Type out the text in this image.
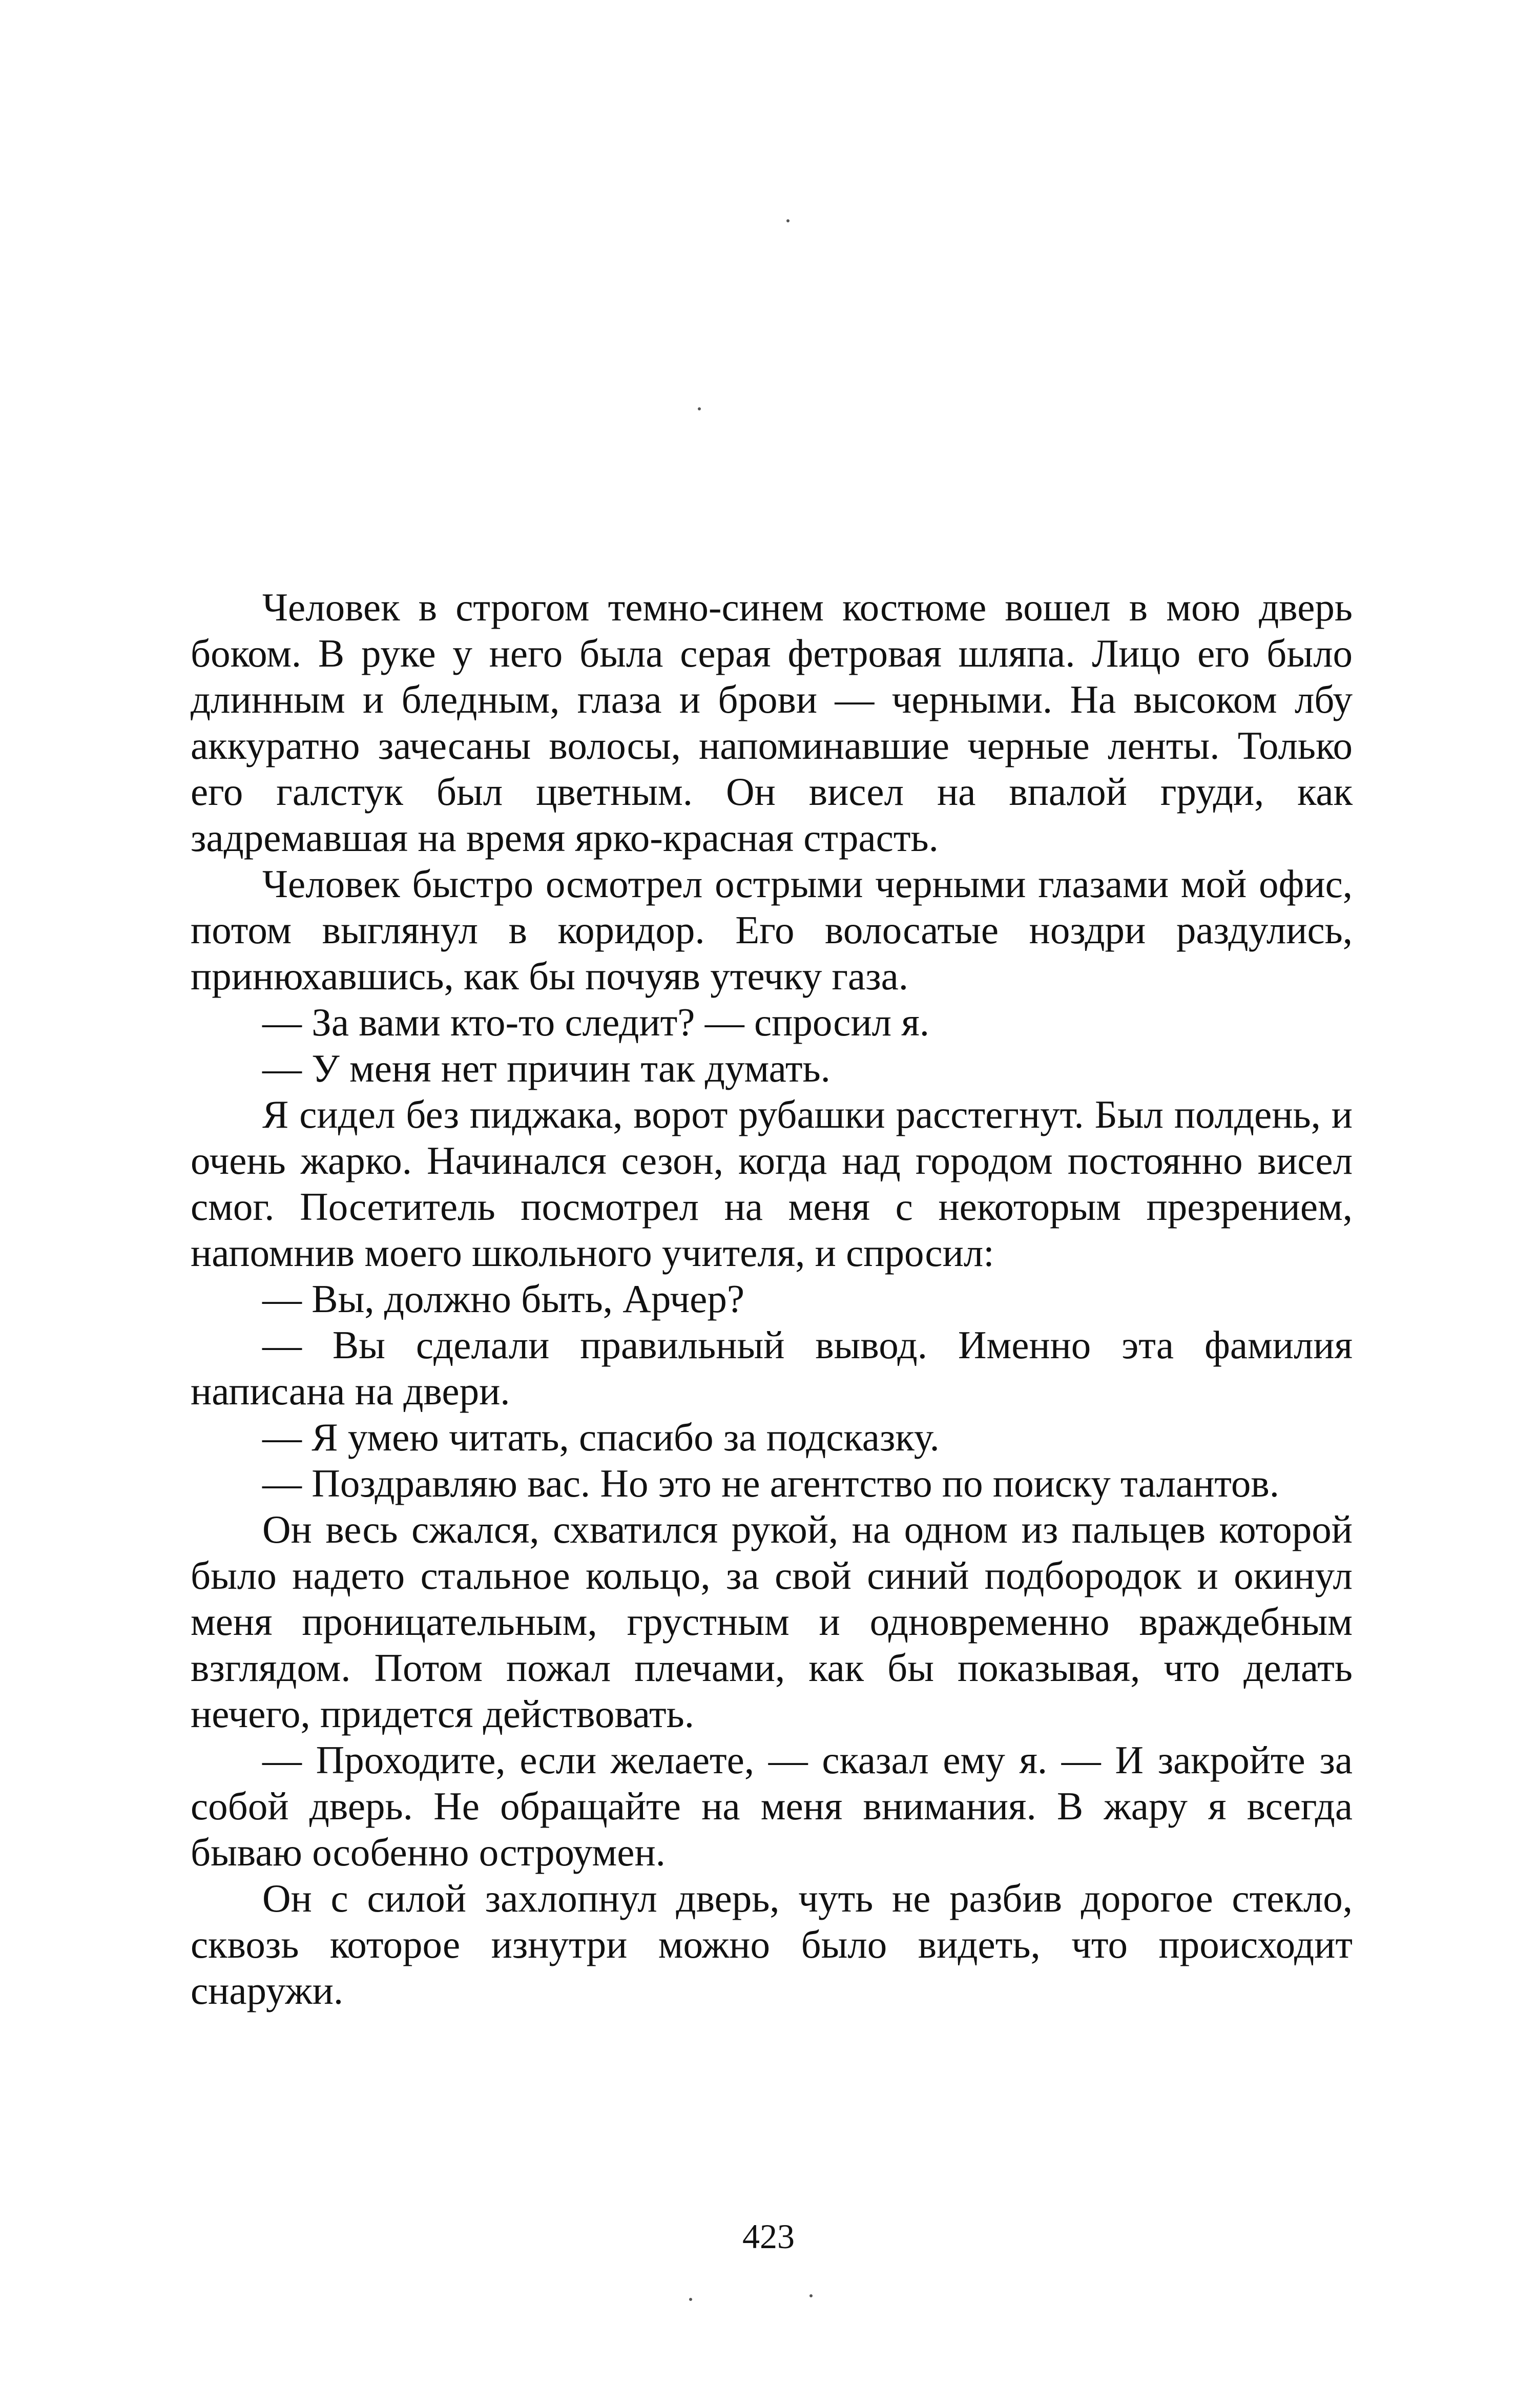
Человек в строгом темно-синем костюме вошел в мою дверь боком. В руке у него была серая фетровая шляпа. Лицо его было длинным и бледным, глаза и брови — черными. На высоком лбу аккуратно зачесаны волосы, напоминавшие черные ленты. Только его галстук был цветным. Он висел на впалой груди, как задремавшая на время ярко-красная страсть.

Человек быстро осмотрел острыми черными глазами мой офис, потом выглянул в коридор. Его волосатые ноздри раздулись, принюхавшись, как бы почуяв утечку газа.

— За вами кто-то следит? — спросил я.

— У меня нет причин так думать.

Я сидел без пиджака, ворот рубашки расстегнут. Был полдень, и очень жарко. Начинался сезон, когда над городом постоянно висел смог. Посетитель посмотрел на меня с некоторым презрением, напомнив моего школьного учителя, и спросил:

— Вы, должно быть, Арчер?

— Вы сделали правильный вывод. Именно эта фамилия написана на двери.

— Я умею читать, спасибо за подсказку.

— Поздравляю вас. Но это не агентство по поиску талантов.

Он весь сжался, схватился рукой, на одном из пальцев которой было надето стальное кольцо, за свой синий подбородок и окинул меня проницательным, грустным и одновременно враждебным взглядом. Потом пожал плечами, как бы показывая, что делать нечего, придется действовать.

— Проходите, если желаете, — сказал ему я. — И закройте за собой дверь. Не обращайте на меня внимания. В жару я всегда бываю особенно остроумен.

Он с силой захлопнул дверь, чуть не разбив дорогое стекло, сквозь которое изнутри можно было видеть, что происходит снаружи.

423
